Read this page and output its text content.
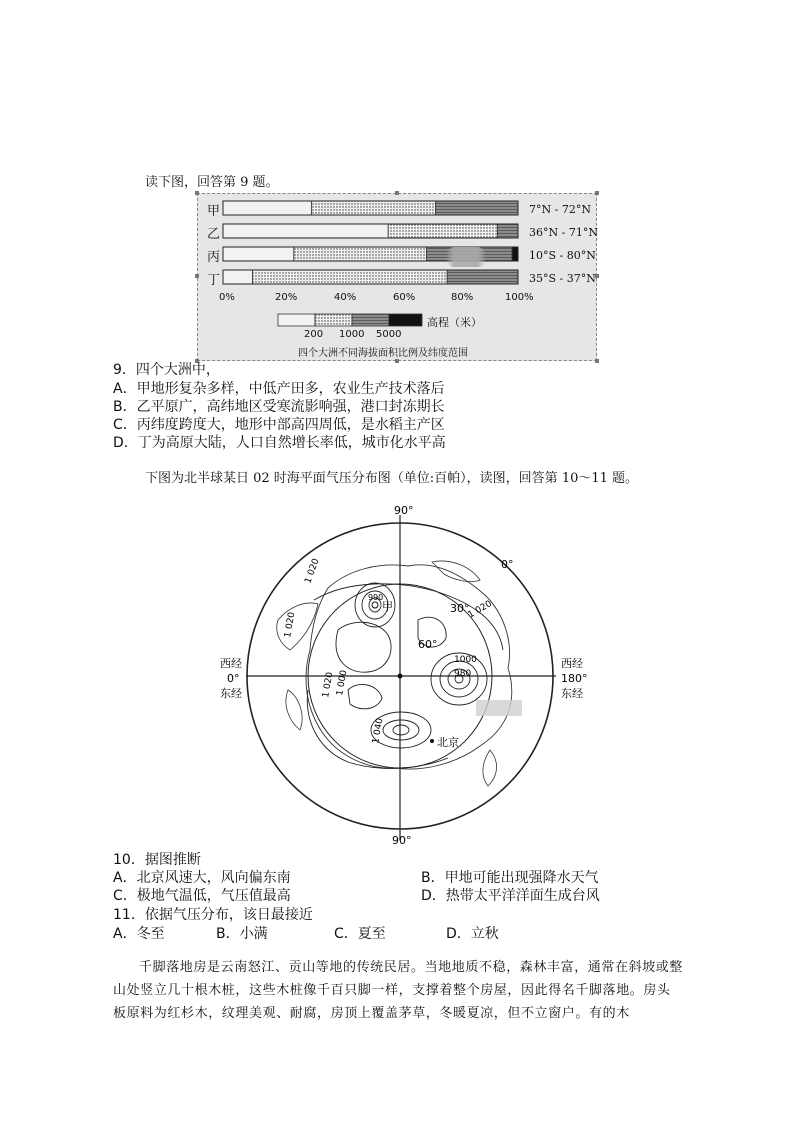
读下图，回答第 9 题。
甲
乙
丙
丁
7°N - 72°N
36°N - 71°N
10°S - 80°N
35°S - 37°N
0%	20%	40%	60%	80%	100%
高程（米）
200 1000 5000
四个大洲不同海拔面积比例及纬度范围
9．四个大洲中，
A．甲地形复杂多样，中低产田多，农业生产技术落后
B．乙平原广，高纬地区受寒流影响强，港口封冻期长
C．丙纬度跨度大，地形中部高四周低，是水稻主产区
D．丁为高原大陆，人口自然增长率低，城市化水平高
下图为北半球某日 02 时海平面气压分布图（单位:百帕），读图，回答第 10～11 题。
90°
90°
0°
30°
60°
西经
0°
东经
西经
180°
东经
1 020
1 020
1 020
1 020
1 040
1000
980
990
1 000
甲
北京
10．据图推断
A．北京风速大，风向偏东南	B．甲地可能出现强降水天气
C．极地气温低，气压值最高	D．热带太平洋洋面生成台风
11．依据气压分布，该日最接近
A．冬至	B．小满	C．夏至	D．立秋
千脚落地房是云南怒江、贡山等地的传统民居。当地地质不稳，森林丰富，通常在斜坡或整山处竖立几十根木桩，这些木桩像千百只脚一样，支撑着整个房屋，因此得名千脚落地。房头板原料为红杉木，纹理美观、耐腐，房顶上覆盖茅草，冬暖夏凉，但不立窗户。有的木
